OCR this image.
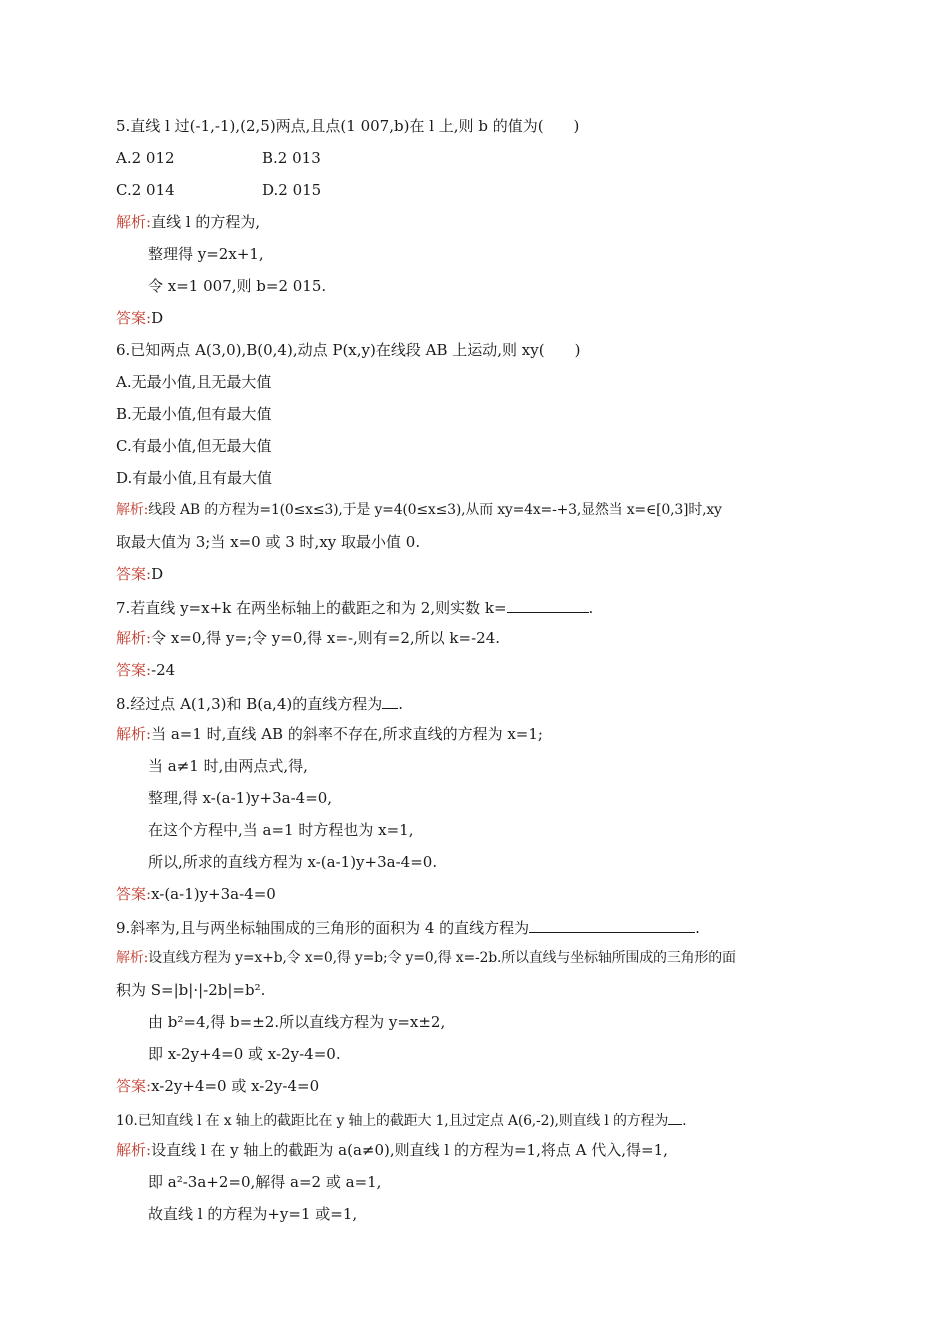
5.直线 l 过(-1,-1),(2,5)两点,且点(1 007,b)在 l 上,则 b 的值为(　　)
A.2 012	B.2 013
C.2 014	D.2 015
解析:直线 l 的方程为,
整理得 y=2x+1,
令 x=1 007,则 b=2 015.
答案:D
6.已知两点 A(3,0),B(0,4),动点 P(x,y)在线段 AB 上运动,则 xy(　　)
A.无最小值,且无最大值
B.无最小值,但有最大值
C.有最小值,但无最大值
D.有最小值,且有最大值
解析:线段 AB 的方程为=1(0≤x≤3),于是 y=4(0≤x≤3),从而 xy=4x=-+3,显然当 x=∈[0,3]时,xy
取最大值为 3;当 x=0 或 3 时,xy 取最小值 0.
答案:D
7.若直线 y=x+k 在两坐标轴上的截距之和为 2,则实数 k=	.
解析:令 x=0,得 y=;令 y=0,得 x=-,则有=2,所以 k=-24.
答案:-24
8.经过点 A(1,3)和 B(a,4)的直线方程为 .
解析:当 a=1 时,直线 AB 的斜率不存在,所求直线的方程为 x=1;
当 a≠1 时,由两点式,得,
整理,得 x-(a-1)y+3a-4=0,
在这个方程中,当 a=1 时方程也为 x=1,
所以,所求的直线方程为 x-(a-1)y+3a-4=0.
答案:x-(a-1)y+3a-4=0
9.斜率为,且与两坐标轴围成的三角形的面积为 4 的直线方程为	.
解析:设直线方程为 y=x+b,令 x=0,得 y=b;令 y=0,得 x=-2b.所以直线与坐标轴所围成的三角形的面
积为 S=|b|·|-2b|=b².
由 b²=4,得 b=±2.所以直线方程为 y=x±2,
即 x-2y+4=0 或 x-2y-4=0.
答案:x-2y+4=0 或 x-2y-4=0
10.已知直线 l 在 x 轴上的截距比在 y 轴上的截距大 1,且过定点 A(6,-2),则直线 l 的方程为 .
解析:设直线 l 在 y 轴上的截距为 a(a≠0),则直线 l 的方程为=1,将点 A 代入,得=1,
即 a²-3a+2=0,解得 a=2 或 a=1,
故直线 l 的方程为+y=1 或=1,
